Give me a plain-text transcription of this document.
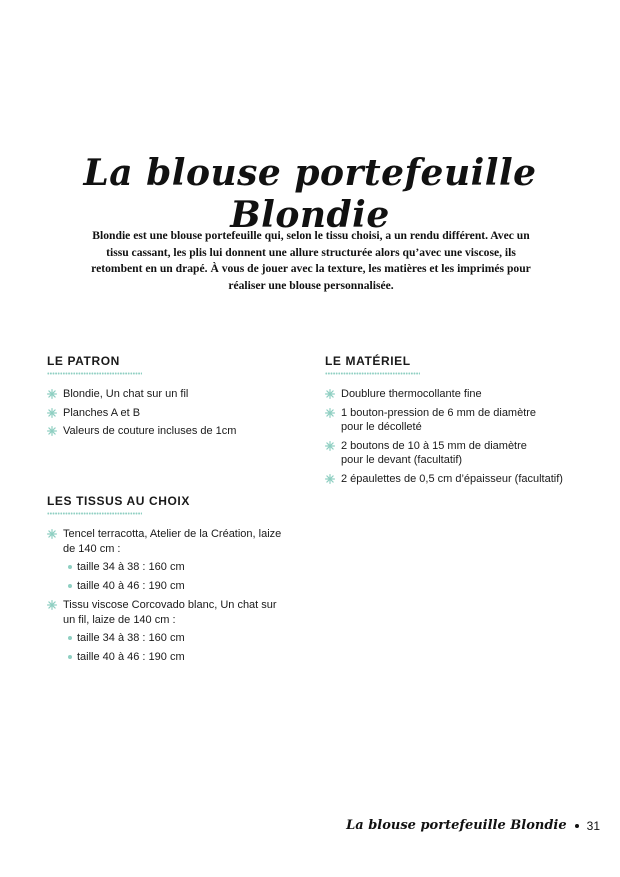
La blouse portefeuille Blondie
Blondie est une blouse portefeuille qui, selon le tissu choisi, a un rendu différent. Avec un tissu cassant, les plis lui donnent une allure structurée alors qu’avec une viscose, ils retombent en un drapé. À vous de jouer avec la texture, les matières et les imprimés pour réaliser une blouse personnalisée.
LE PATRON
Blondie, Un chat sur un fil
Planches A et B
Valeurs de couture incluses de 1cm
LE MATÉRIEL
Doublure thermocollante fine
1 bouton-pression de 6 mm de diamètre pour le décolleté
2 boutons de 10 à 15 mm de diamètre pour le devant (facultatif)
2 épaulettes de 0,5 cm d’épaisseur (facultatif)
LES TISSUS AU CHOIX
Tencel terracotta, Atelier de la Création, laize de 140 cm :
taille 34 à 38 : 160 cm
taille 40 à 46 : 190 cm
Tissu viscose Corcovado blanc, Un chat sur un fil, laize de 140 cm :
taille 34 à 38 : 160 cm
taille 40 à 46 : 190 cm
La blouse portefeuille Blondie 31
